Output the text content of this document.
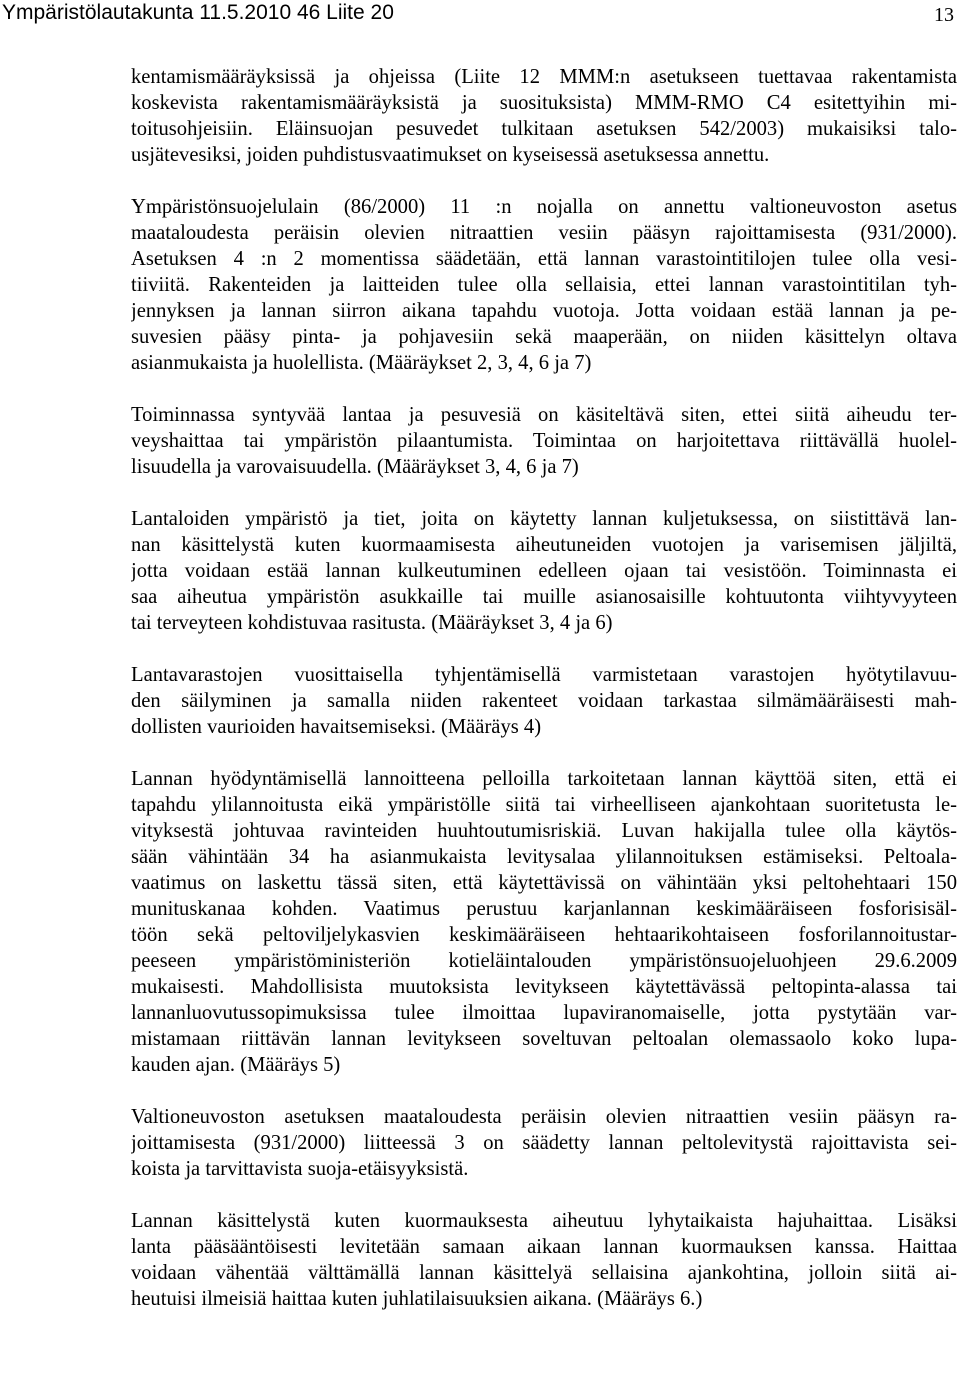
Ympäristölautakunta 11.5.2010 46 Liite 20	13

kentamismääräyksissä ja ohjeissa (Liite 12 MMM:n asetukseen tuettavaa rakentamista
koskevista rakentamismääräyksistä ja suosituksista) MMM-RMO C4 esitettyihin mi-
toitusohjeisiin. Eläinsuojan pesuvedet tulkitaan asetuksen 542/2003) mukaisiksi talo-
usjätevesiksi, joiden puhdistusvaatimukset on kyseisessä asetuksessa annettu.

Ympäristönsuojelulain (86/2000) 11 :n nojalla on annettu valtioneuvoston asetus
maataloudesta peräisin olevien nitraattien vesiin pääsyn rajoittamisesta (931/2000).
Asetuksen 4 :n 2 momentissa säädetään, että lannan varastointitilojen tulee olla vesi-
tiiviitä. Rakenteiden ja laitteiden tulee olla sellaisia, ettei lannan varastointitilan tyh-
jennyksen ja lannan siirron aikana tapahdu vuotoja. Jotta voidaan estää lannan ja pe-
suvesien pääsy pinta- ja pohjavesiin sekä maaperään, on niiden käsittelyn oltava
asianmukaista ja huolellista. (Määräykset 2, 3, 4, 6 ja 7)

Toiminnassa syntyvää lantaa ja pesuvesiä on käsiteltävä siten, ettei siitä aiheudu ter-
veyshaittaa tai ympäristön pilaantumista. Toimintaa on harjoitettava riittävällä huolel-
lisuudella ja varovaisuudella. (Määräykset 3, 4, 6 ja 7)

Lantaloiden ympäristö ja tiet, joita on käytetty lannan kuljetuksessa, on siistittävä lan-
nan käsittelystä kuten kuormaamisesta aiheutuneiden vuotojen ja varisemisen jäljiltä,
jotta voidaan estää lannan kulkeutuminen edelleen ojaan tai vesistöön. Toiminnasta ei
saa aiheutua ympäristön asukkaille tai muille asianosaisille kohtuutonta viihtyvyyteen
tai terveyteen kohdistuvaa rasitusta. (Määräykset 3, 4 ja 6)

Lantavarastojen vuosittaisella tyhjentämisellä varmistetaan varastojen hyötytilavuu-
den säilyminen ja samalla niiden rakenteet voidaan tarkastaa silmämääräisesti mah-
dollisten vaurioiden havaitsemiseksi. (Määräys 4)

Lannan hyödyntämisellä lannoitteena pelloilla tarkoitetaan lannan käyttöä siten, että ei
tapahdu ylilannoitusta eikä ympäristölle siitä tai virheelliseen ajankohtaan suoritetusta le-
vityksestä johtuvaa ravinteiden huuhtoutumisriskiä. Luvan hakijalla tulee olla käytös-
sään vähintään 34 ha asianmukaista levitysalaa ylilannoituksen estämiseksi. Peltoala-
vaatimus on laskettu tässä siten, että käytettävissä on vähintään yksi peltohehtaari 150
munituskanaa kohden. Vaatimus perustuu karjanlannan keskimääräiseen fosforisisäl-
töön sekä peltoviljelykasvien keskimääräiseen hehtaarikohtaiseen fosforilannoitustar-
peeseen ympäristöministeriön kotieläintalouden ympäristönsuojeluohjeen 29.6.2009
mukaisesti. Mahdollisista muutoksista levitykseen käytettävässä peltopinta-alassa tai
lannanluovutussopimuksissa tulee ilmoittaa lupaviranomaiselle, jotta pystytään var-
mistamaan riittävän lannan levitykseen soveltuvan peltoalan olemassaolo koko lupa-
kauden ajan. (Määräys 5)

Valtioneuvoston asetuksen maataloudesta peräisin olevien nitraattien vesiin pääsyn ra-
joittamisesta (931/2000) liitteessä 3 on säädetty lannan peltolevitystä rajoittavista sei-
koista ja tarvittavista suoja-etäisyyksistä.

Lannan käsittelystä kuten kuormauksesta aiheutuu lyhytaikaista hajuhaittaa. Lisäksi
lanta pääsääntöisesti levitetään samaan aikaan lannan kuormauksen kanssa. Haittaa
voidaan vähentää välttämällä lannan käsittelyä sellaisina ajankohtina, jolloin siitä ai-
heutuisi ilmeisiä haittaa kuten juhlatilaisuuksien aikana. (Määräys 6.)
